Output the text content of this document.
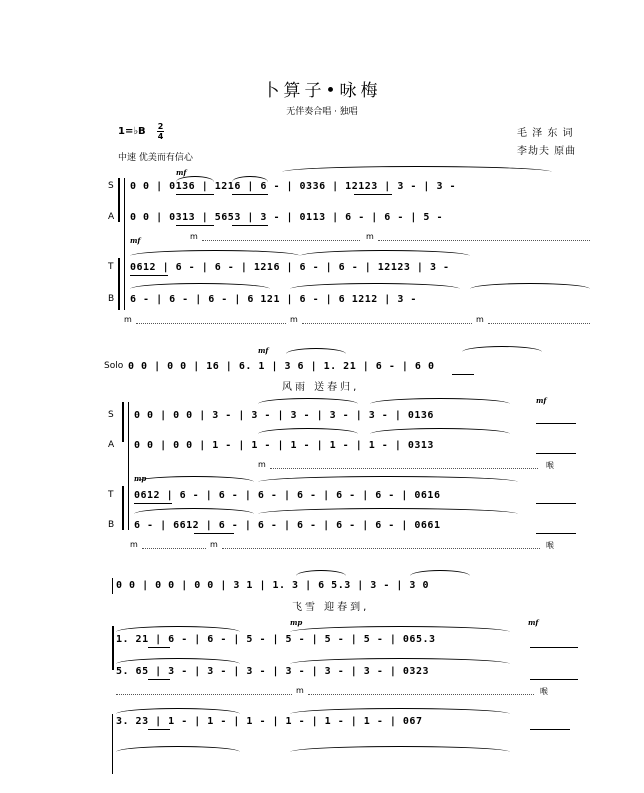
卜算子•咏梅
无伴奏合唱 · 独唱
毛 泽 东 词
李劫夫 原曲
1=♭B 2
4
中速 优美而有信心
mf
S 0 0 | 0136 | 1216 | 6 - | 0336 | 12123 | 3 - | 3 -
A 0 0 | 0313 | 5653 | 3 - | 0113 | 6 - | 6 - | 5 -
mf	m	m
T 0612 | 6 - | 6 - | 1216 | 6 - | 6 - | 12123 | 3 -
B 6 - | 6 - | 6 - | 6 121 | 6 - | 6 1212 | 3 -
m	m	m
Solo
mf
0 0 | 0 0 | 16 | 6. 1 | 3 6 | 1. 21 | 6 - | 6 0
风雨 送春归,
S 0 0 | 0 0 | 3 - | 3 - | 3 - | 3 - | 3 - | 0136
mf
A 0 0 | 0 0 | 1 - | 1 - | 1 - | 1 - | 1 - | 0313
m	喉
mp
T 0612 | 6 - | 6 - | 6 - | 6 - | 6 - | 6 - | 0616
B 6 - | 6612 | 6 - | 6 - | 6 - | 6 - | 6 - | 0661
m	m	喉
0 0 | 0 0 | 0 0 | 3 1 | 1. 3 | 6 5.3 | 3 - | 3 0
飞雪 迎春到,
mp	mf
1. 21 | 6 - | 6 - | 5 - | 5 - | 5 - | 5 - | 065.3
5. 65 | 3 - | 3 - | 3 - | 3 - | 3 - | 3 - | 0323
m	喉
3. 23 | 1 - | 1 - | 1 - | 1 - | 1 - | 1 - | 067
